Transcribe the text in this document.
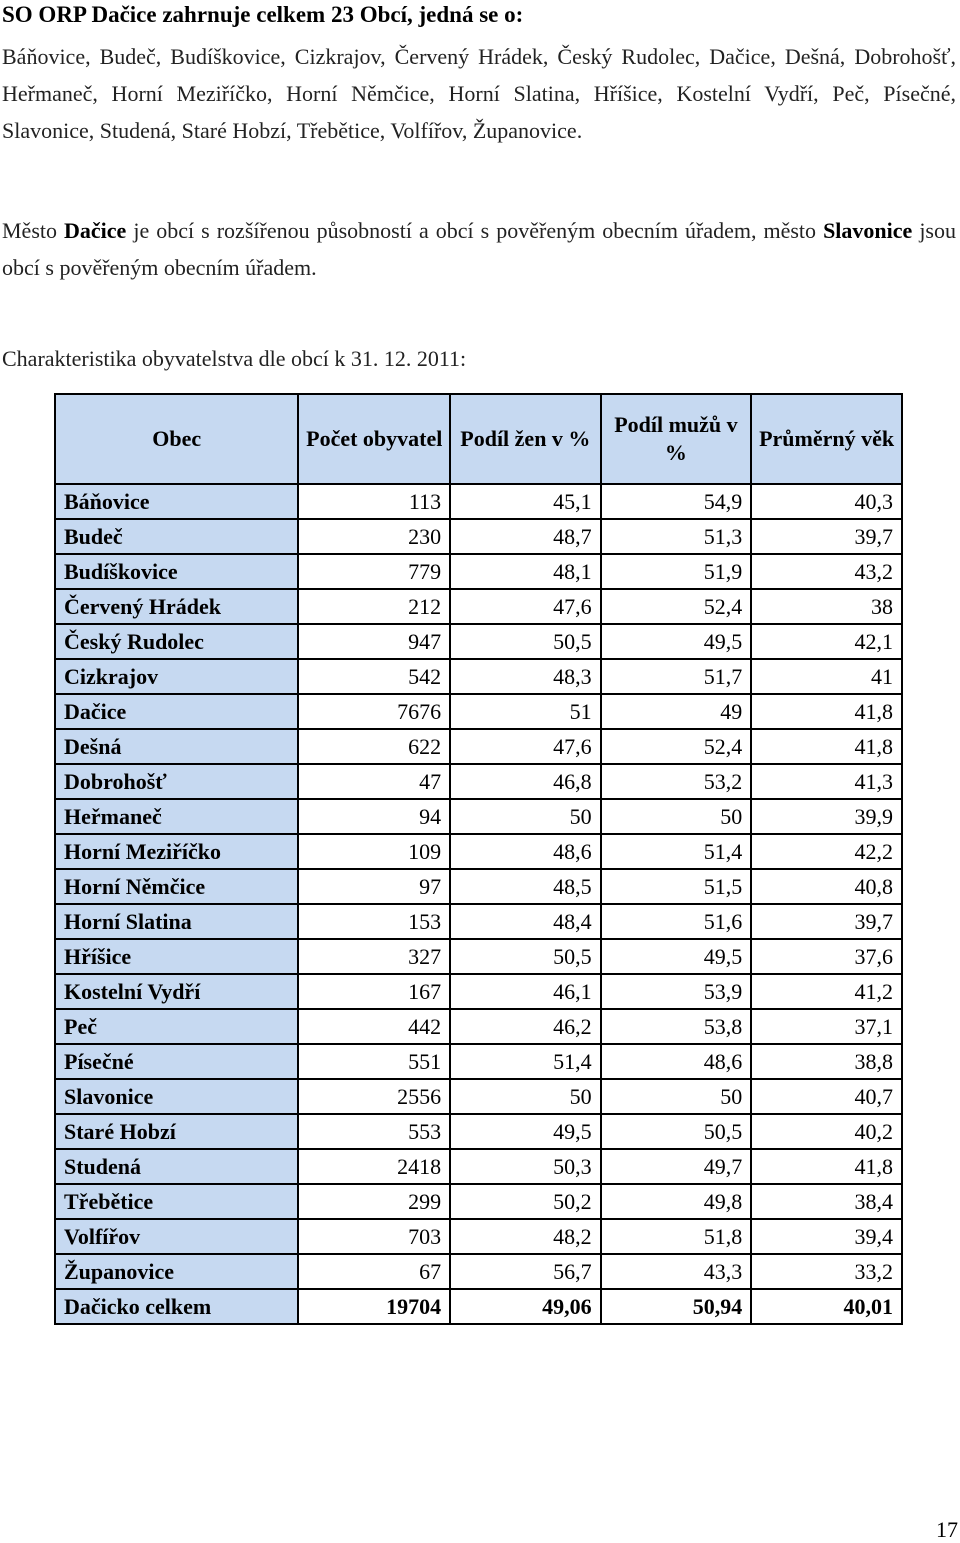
SO ORP Dačice zahrnuje celkem 23 Obcí, jedná se o:
Báňovice, Budeč, Budíškovice, Cizkrajov, Červený Hrádek, Český Rudolec, Dačice, Dešná, Dobrohošť, Heřmaneč, Horní Meziříčko, Horní Němčice, Horní Slatina, Hříšice, Kostelní Vydří, Peč, Písečné, Slavonice, Studená, Staré Hobzí, Třebětice, Volfířov, Županovice.
Město Dačice je obcí s rozšířenou působností a obcí s pověřeným obecním úřadem, město Slavonice jsou obcí s pověřeným obecním úřadem.
Charakteristika obyvatelstva dle obcí k 31. 12. 2011:
Obec	Počet obyvatel	Podíl žen v %	Podíl mužů v %	Průměrný věk
Báňovice	113	45,1	54,9	40,3
Budeč	230	48,7	51,3	39,7
Budíškovice	779	48,1	51,9	43,2
Červený Hrádek	212	47,6	52,4	38
Český Rudolec	947	50,5	49,5	42,1
Cizkrajov	542	48,3	51,7	41
Dačice	7676	51	49	41,8
Dešná	622	47,6	52,4	41,8
Dobrohošť	47	46,8	53,2	41,3
Heřmaneč	94	50	50	39,9
Horní Meziříčko	109	48,6	51,4	42,2
Horní Němčice	97	48,5	51,5	40,8
Horní Slatina	153	48,4	51,6	39,7
Hříšice	327	50,5	49,5	37,6
Kostelní Vydří	167	46,1	53,9	41,2
Peč	442	46,2	53,8	37,1
Písečné	551	51,4	48,6	38,8
Slavonice	2556	50	50	40,7
Staré Hobzí	553	49,5	50,5	40,2
Studená	2418	50,3	49,7	41,8
Třebětice	299	50,2	49,8	38,4
Volfířov	703	48,2	51,8	39,4
Županovice	67	56,7	43,3	33,2
Dačicko celkem	19704	49,06	50,94	40,01
17
